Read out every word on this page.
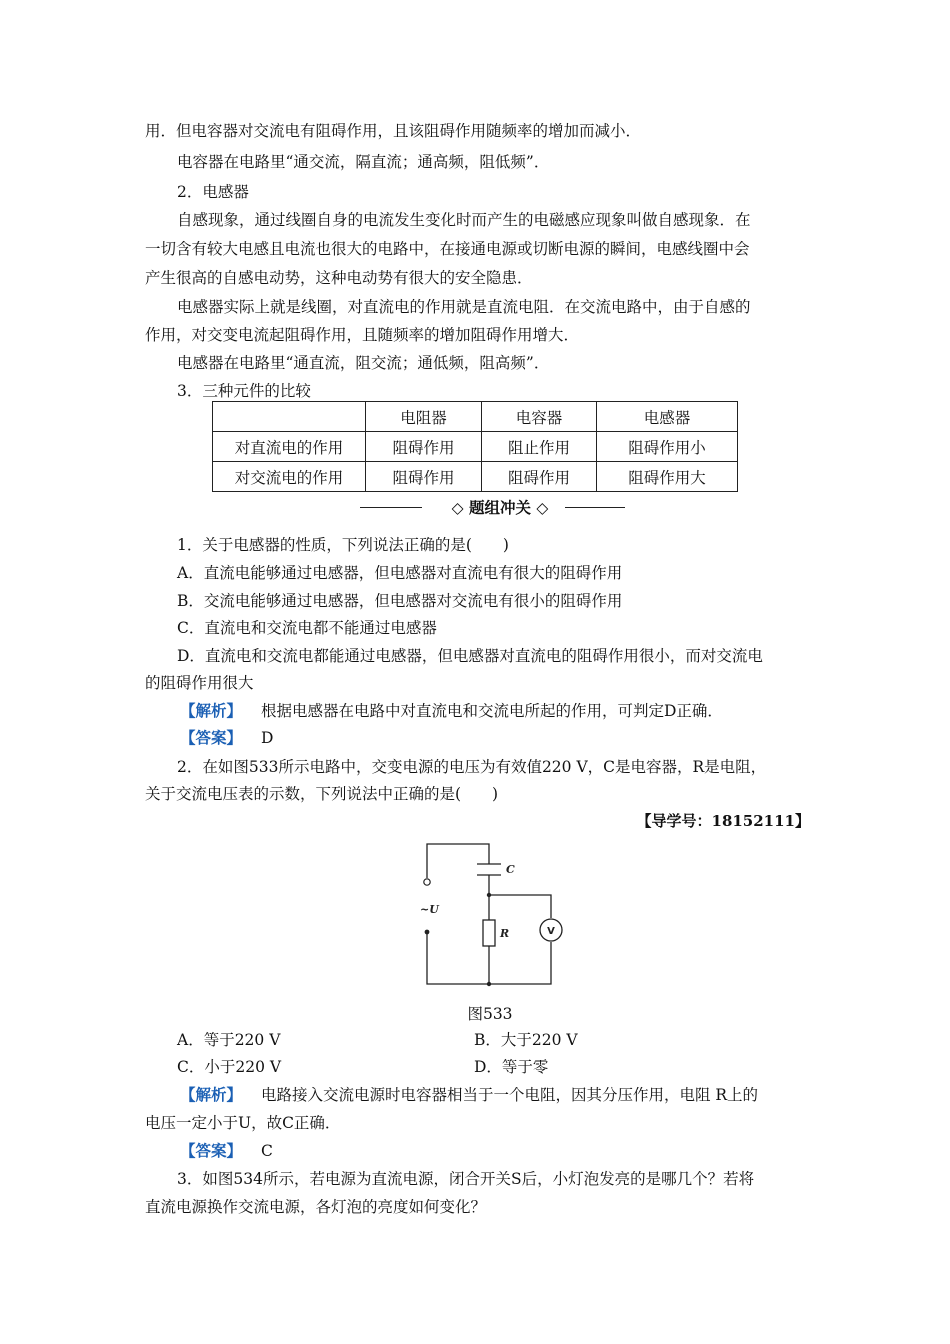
用．但电容器对交流电有阻碍作用，且该阻碍作用随频率的增加而减小．
电容器在电路里“通交流，隔直流；通高频，阻低频”．
2．电感器
自感现象，通过线圈自身的电流发生变化时而产生的电磁感应现象叫做自感现象．在
一切含有较大电感且电流也很大的电路中，在接通电源或切断电源的瞬间，电感线圈中会
产生很高的自感电动势，这种电动势有很大的安全隐患．
电感器实际上就是线圈，对直流电的作用就是直流电阻．在交流电路中，由于自感的
作用，对交变电流起阻碍作用，且随频率的增加阻碍作用增大．
电感器在电路里“通直流，阻交流；通低频，阻高频”．
3．三种元件的比较
	电阻器	电容器	电感器
对直流电的作用	阻碍作用	阻止作用	阻碍作用小
对交流电的作用	阻碍作用	阻碍作用	阻碍作用大
◇ 题组冲关 ◇
1．关于电感器的性质，下列说法正确的是(　　)
A．直流电能够通过电感器，但电感器对直流电有很大的阻碍作用
B．交流电能够通过电感器，但电感器对交流电有很小的阻碍作用
C．直流电和交流电都不能通过电感器
D．直流电和交流电都能通过电感器，但电感器对直流电的阻碍作用很小，而对交流电
的阻碍作用很大
【解析】 根据电感器在电路中对直流电和交流电所起的作用，可判定D正确．
【答案】 D
2．在如图533所示电路中，交变电源的电压为有效值220 V，C是电容器，R是电阻，
关于交流电压表的示数，下列说法中正确的是(　　)
【导学号：18152111】
C
~U
R	V
图533
A．等于220 V	B．大于220 V
C．小于220 V	D．等于零
【解析】 电路接入交流电源时电容器相当于一个电阻，因其分压作用，电阻 R上的
电压一定小于U，故C正确．
【答案】 C
3．如图534所示，若电源为直流电源，闭合开关S后，小灯泡发亮的是哪几个？若将
直流电源换作交流电源，各灯泡的亮度如何变化？
